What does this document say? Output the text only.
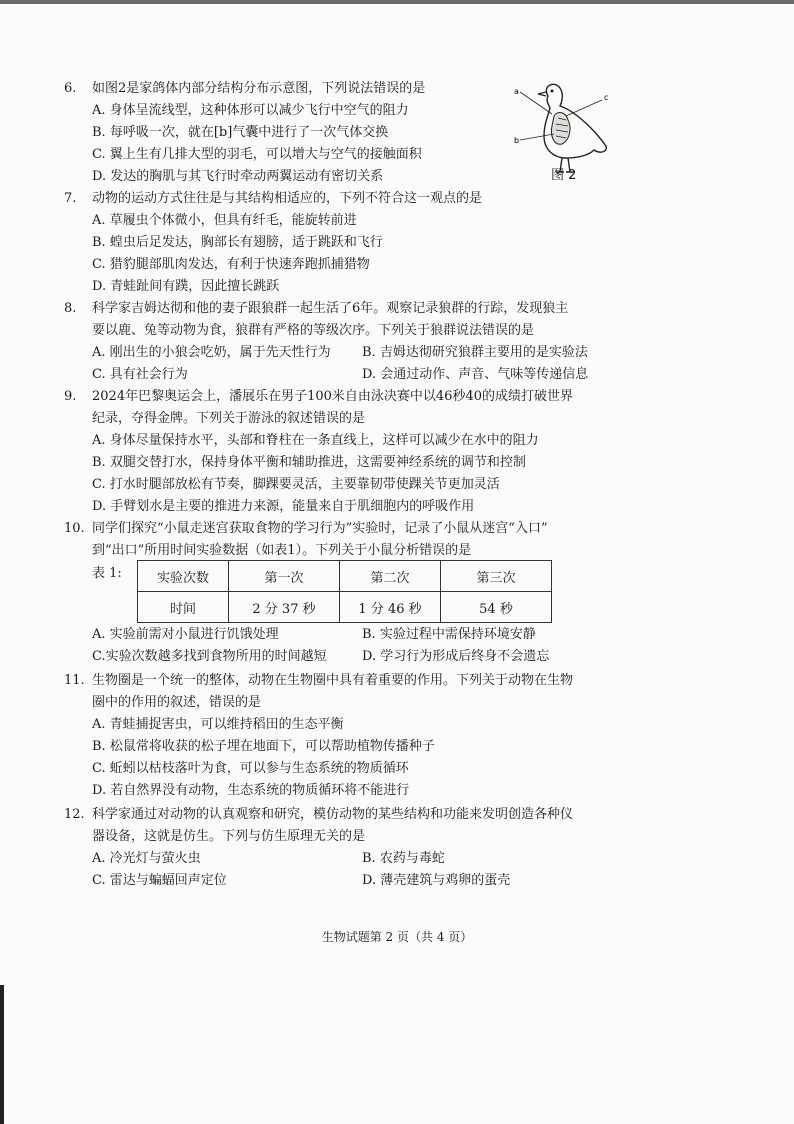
6. 如图2是家鸽体内部分结构分布示意图，下列说法错误的是
A. 身体呈流线型，这种体形可以减少飞行中空气的阻力
B. 每呼吸一次，就在[b]气囊中进行了一次气体交换
C. 翼上生有几排大型的羽毛，可以增大与空气的接触面积
D. 发达的胸肌与其飞行时牵动两翼运动有密切关系
a
b
c
图 2
7. 动物的运动方式往往是与其结构相适应的，下列不符合这一观点的是
A. 草履虫个体微小，但具有纤毛，能旋转前进
B. 蝗虫后足发达，胸部长有翅膀，适于跳跃和飞行
C. 猎豹腿部肌肉发达，有利于快速奔跑抓捕猎物
D. 青蛙趾间有蹼，因此擅长跳跃
8. 科学家吉姆达彻和他的妻子跟狼群一起生活了6年。观察记录狼群的行踪，发现狼主
要以鹿、兔等动物为食，狼群有严格的等级次序。下列关于狼群说法错误的是
A. 刚出生的小狼会吃奶，属于先天性行为 B. 吉姆达彻研究狼群主要用的是实验法
C. 具有社会行为	D. 会通过动作、声音、气味等传递信息
9. 2024年巴黎奥运会上，潘展乐在男子100米自由泳决赛中以46秒40的成绩打破世界
纪录，夺得金牌。下列关于游泳的叙述错误的是
A. 身体尽量保持水平，头部和脊柱在一条直线上，这样可以减少在水中的阻力
B. 双腿交替打水，保持身体平衡和辅助推进，这需要神经系统的调节和控制
C. 打水时腿部放松有节奏，脚踝要灵活，主要靠韧带使踝关节更加灵活
D. 手臂划水是主要的推进力来源，能量来自于肌细胞内的呼吸作用
10. 同学们探究“小鼠走迷宫获取食物的学习行为”实验时，记录了小鼠从迷宫“入口”
到“出口”所用时间实验数据（如表1）。下列关于小鼠分析错误的是
表 1:	实验次数	第一次	第二次	第三次
时间	2 分 37 秒	1 分 46 秒	54 秒
A. 实验前需对小鼠进行饥饿处理	B. 实验过程中需保持环境安静
C.实验次数越多找到食物所用的时间越短	D. 学习行为形成后终身不会遗忘
11. 生物圈是一个统一的整体，动物在生物圈中具有着重要的作用。下列关于动物在生物
圈中的作用的叙述，错误的是
A. 青蛙捕捉害虫，可以维持稻田的生态平衡
B. 松鼠常将收获的松子埋在地面下，可以帮助植物传播种子
C. 蚯蚓以枯枝落叶为食，可以参与生态系统的物质循环
D. 若自然界没有动物，生态系统的物质循环将不能进行
12. 科学家通过对动物的认真观察和研究，模仿动物的某些结构和功能来发明创造各种仪
器设备，这就是仿生。下列与仿生原理无关的是
A. 冷光灯与萤火虫	B. 农药与毒蛇
C. 雷达与蝙蝠回声定位	D. 薄壳建筑与鸡卵的蛋壳
生物试题第 2 页（共 4 页）
